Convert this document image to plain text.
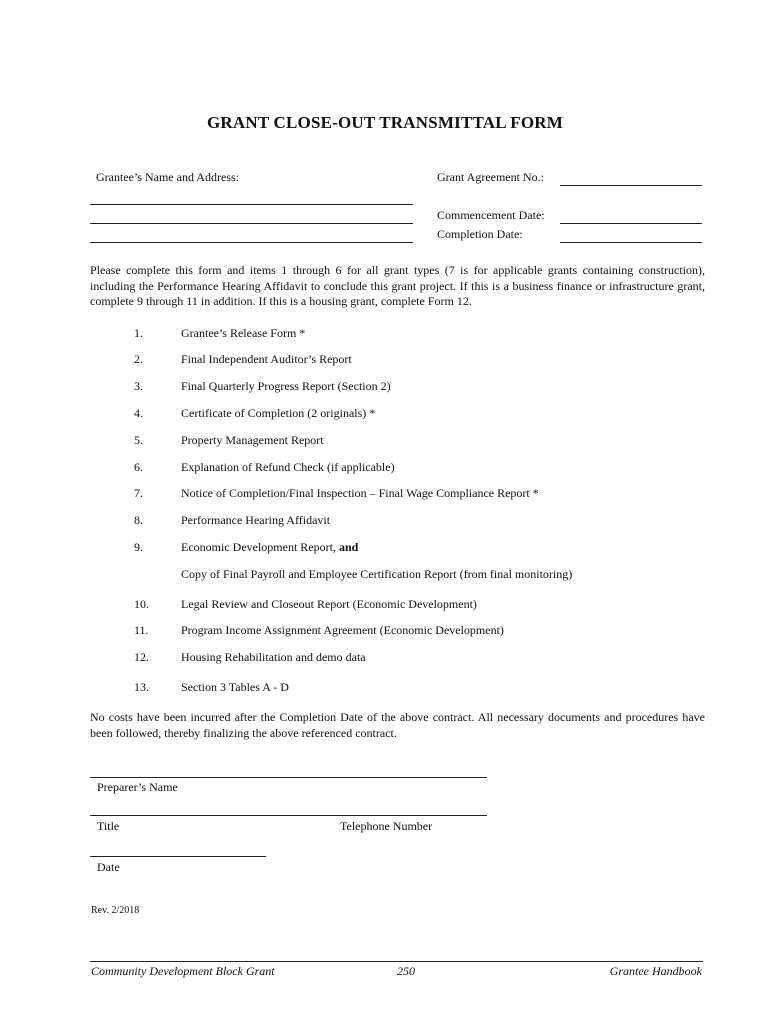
GRANT CLOSE-OUT TRANSMITTAL FORM
Grantee’s Name and Address:	Grant Agreement No.:
Commencement Date:
Completion Date:
Please complete this form and items 1 through 6 for all grant types (7 is for applicable grants containing construction), including the Performance Hearing Affidavit to conclude this grant project. If this is a business finance or infrastructure grant, complete 9 through 11 in addition. If this is a housing grant, complete Form 12.
1.	Grantee’s Release Form *
2.	Final Independent Auditor’s Report
3.	Final Quarterly Progress Report (Section 2)
4.	Certificate of Completion (2 originals) *
5.	Property Management Report
6.	Explanation of Refund Check (if applicable)
7.	Notice of Completion/Final Inspection – Final Wage Compliance Report *
8.	Performance Hearing Affidavit
9.	Economic Development Report, and
Copy of Final Payroll and Employee Certification Report (from final monitoring)
10.	Legal Review and Closeout Report (Economic Development)
11.	Program Income Assignment Agreement (Economic Development)
12.	Housing Rehabilitation and demo data
13.	Section 3 Tables A - D
No costs have been incurred after the Completion Date of the above contract. All necessary documents and procedures have been followed, thereby finalizing the above referenced contract.
Preparer’s Name
Title	Telephone Number
Date
Rev. 2/2018
Community Development Block Grant	250	Grantee Handbook
